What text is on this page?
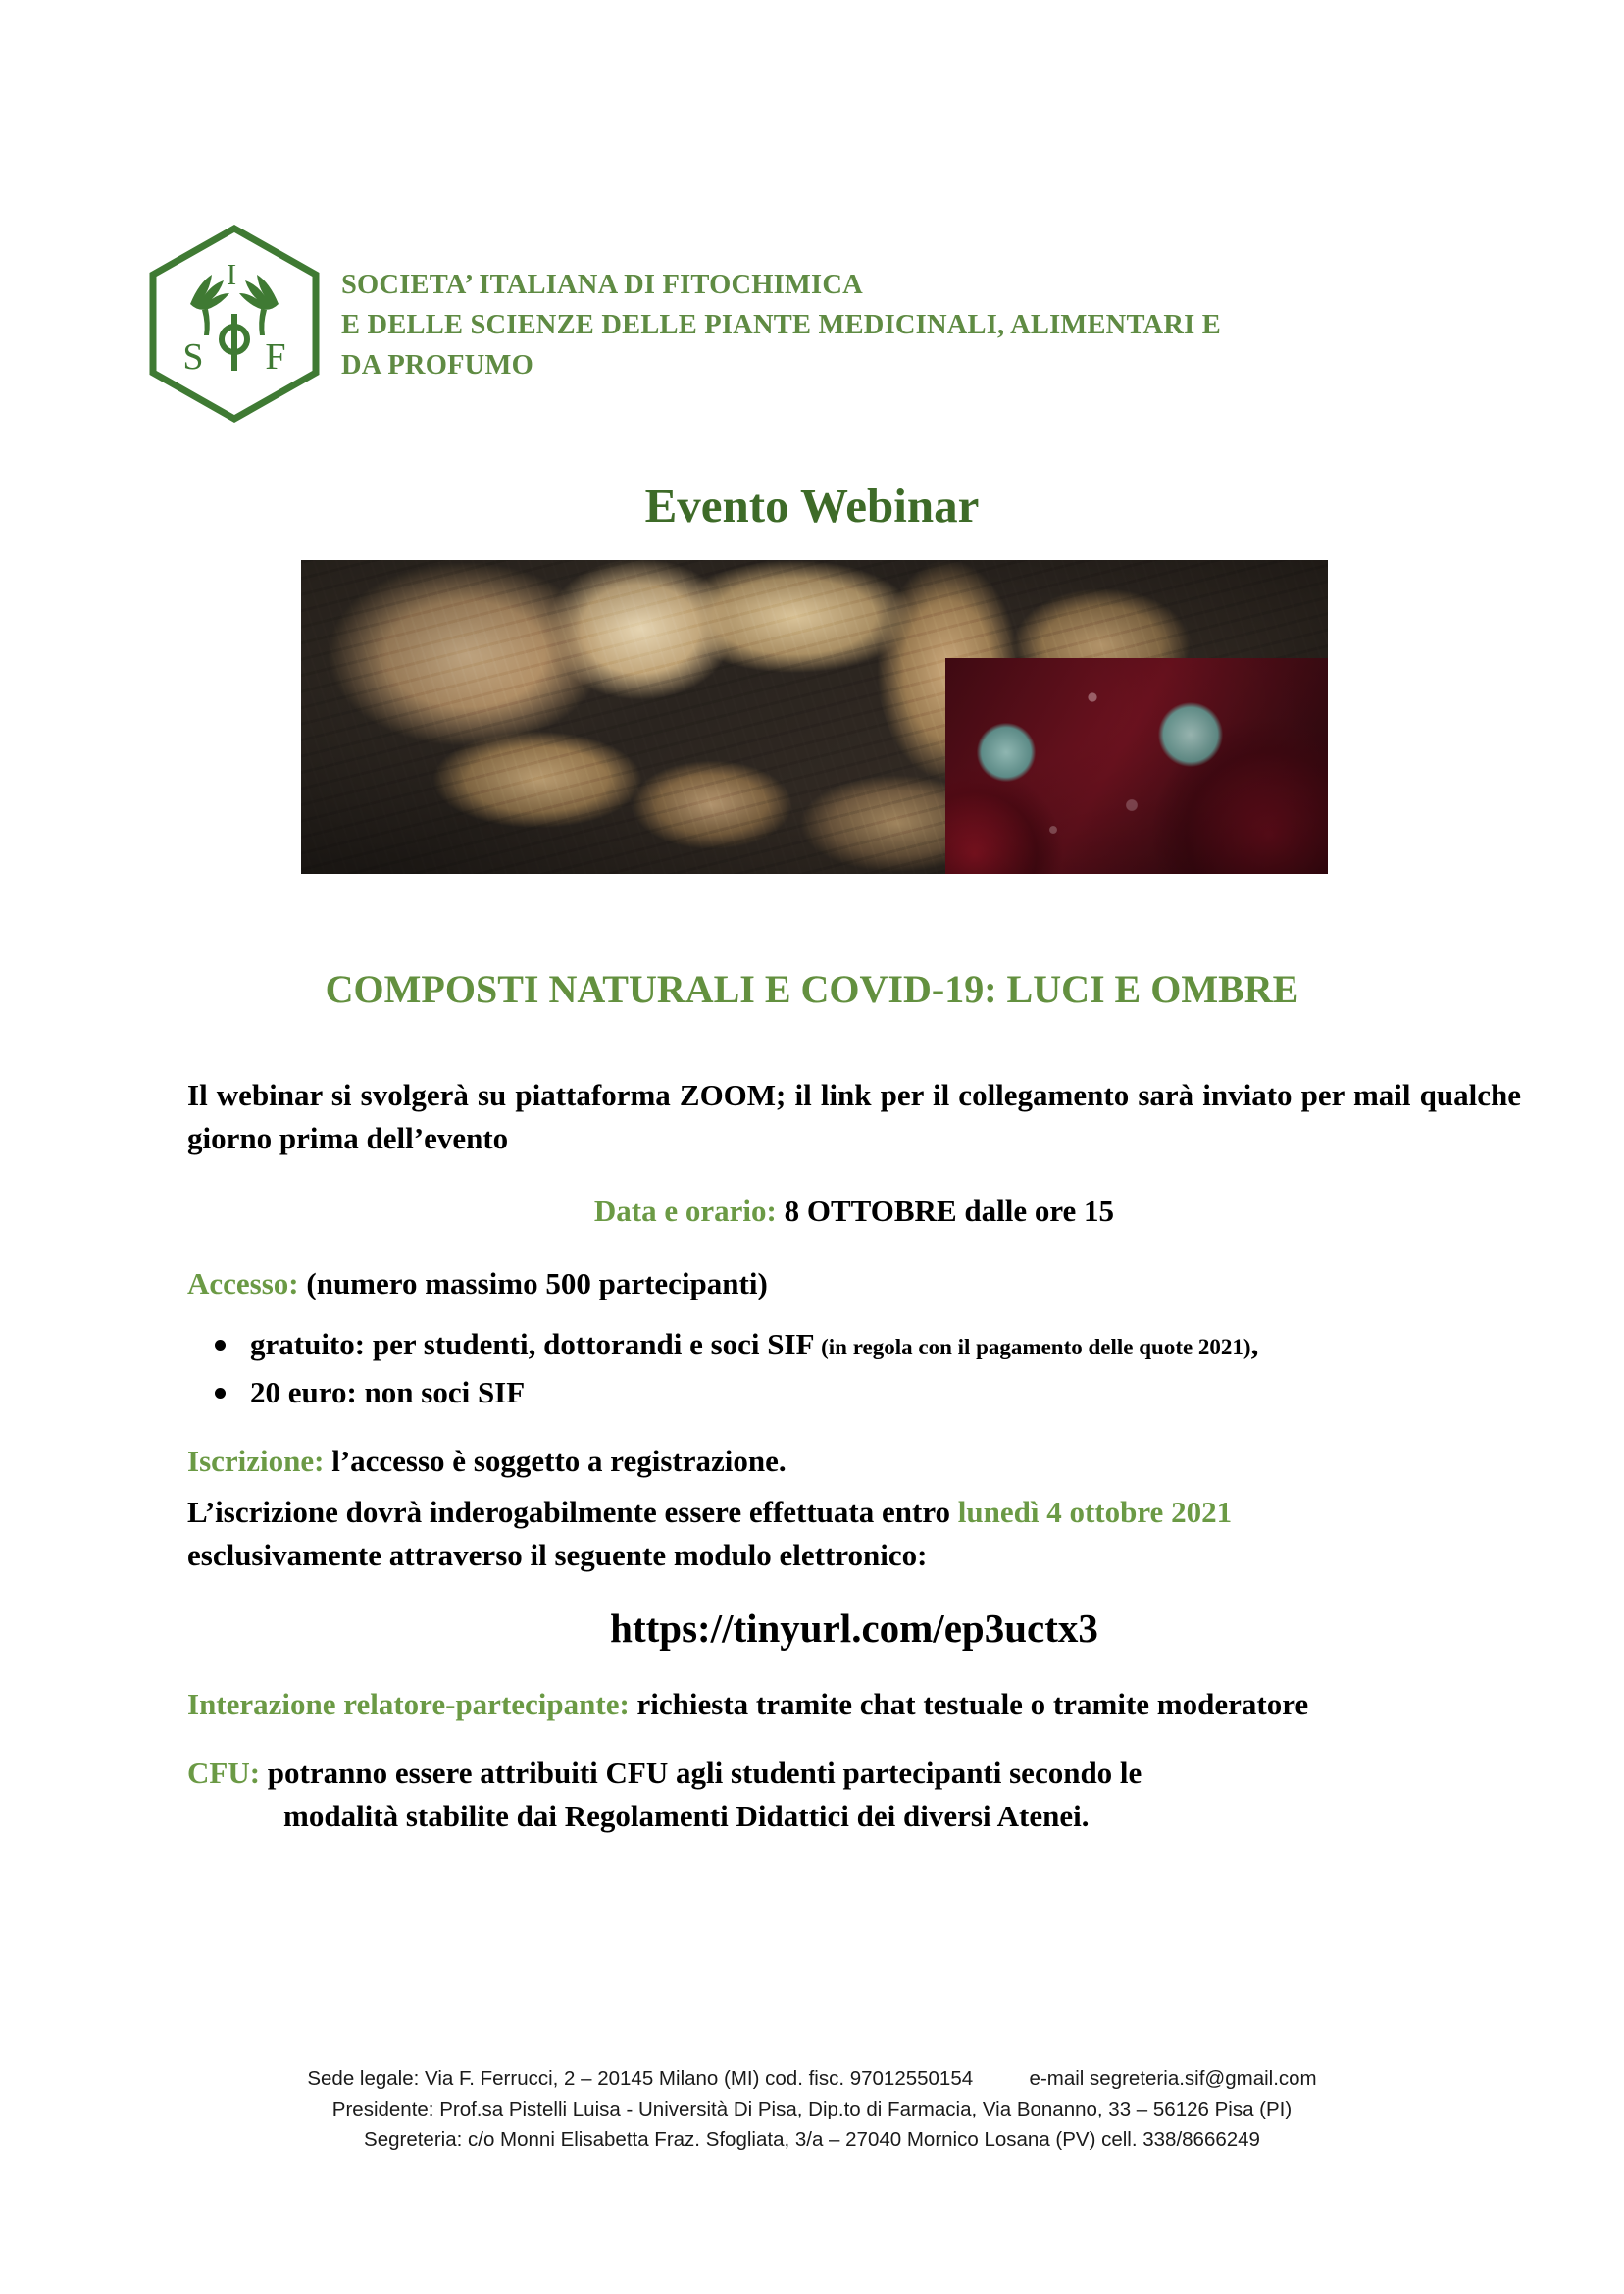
I
S F
SOCIETA’ ITALIANA DI FITOCHIMICA
E DELLE SCIENZE DELLE PIANTE MEDICINALI, ALIMENTARI E
DA PROFUMO
Evento Webinar
COMPOSTI NATURALI E COVID-19: LUCI E OMBRE

Il webinar si svolgerà su piattaforma ZOOM; il link per il collegamento sarà inviato per mail qualche giorno prima dell’evento

Data e orario: 8 OTTOBRE dalle ore 15

Accesso: (numero massimo 500 partecipanti)

gratuito: per studenti, dottorandi e soci SIF (in regola con il pagamento delle quote 2021),
20 euro: non soci SIF

Iscrizione: l’accesso è soggetto a registrazione.

L’iscrizione dovrà inderogabilmente essere effettuata entro lunedì 4 ottobre 2021
esclusivamente attraverso il seguente modulo elettronico:

https://tinyurl.com/ep3uctx3

Interazione relatore-partecipante: richiesta tramite chat testuale o tramite moderatore

CFU: potranno essere attribuiti CFU agli studenti partecipanti secondo le
modalità stabilite dai Regolamenti Didattici dei diversi Atenei.

Sede legale: Via F. Ferrucci, 2 – 20145 Milano (MI) cod. fisc. 97012550154	e-mail segreteria.sif@gmail.com
Presidente: Prof.sa Pistelli Luisa - Università Di Pisa, Dip.to di Farmacia, Via Bonanno, 33 – 56126 Pisa (PI)
Segreteria: c/o Monni Elisabetta Fraz. Sfogliata, 3/a – 27040 Mornico Losana (PV) cell. 338/8666249
